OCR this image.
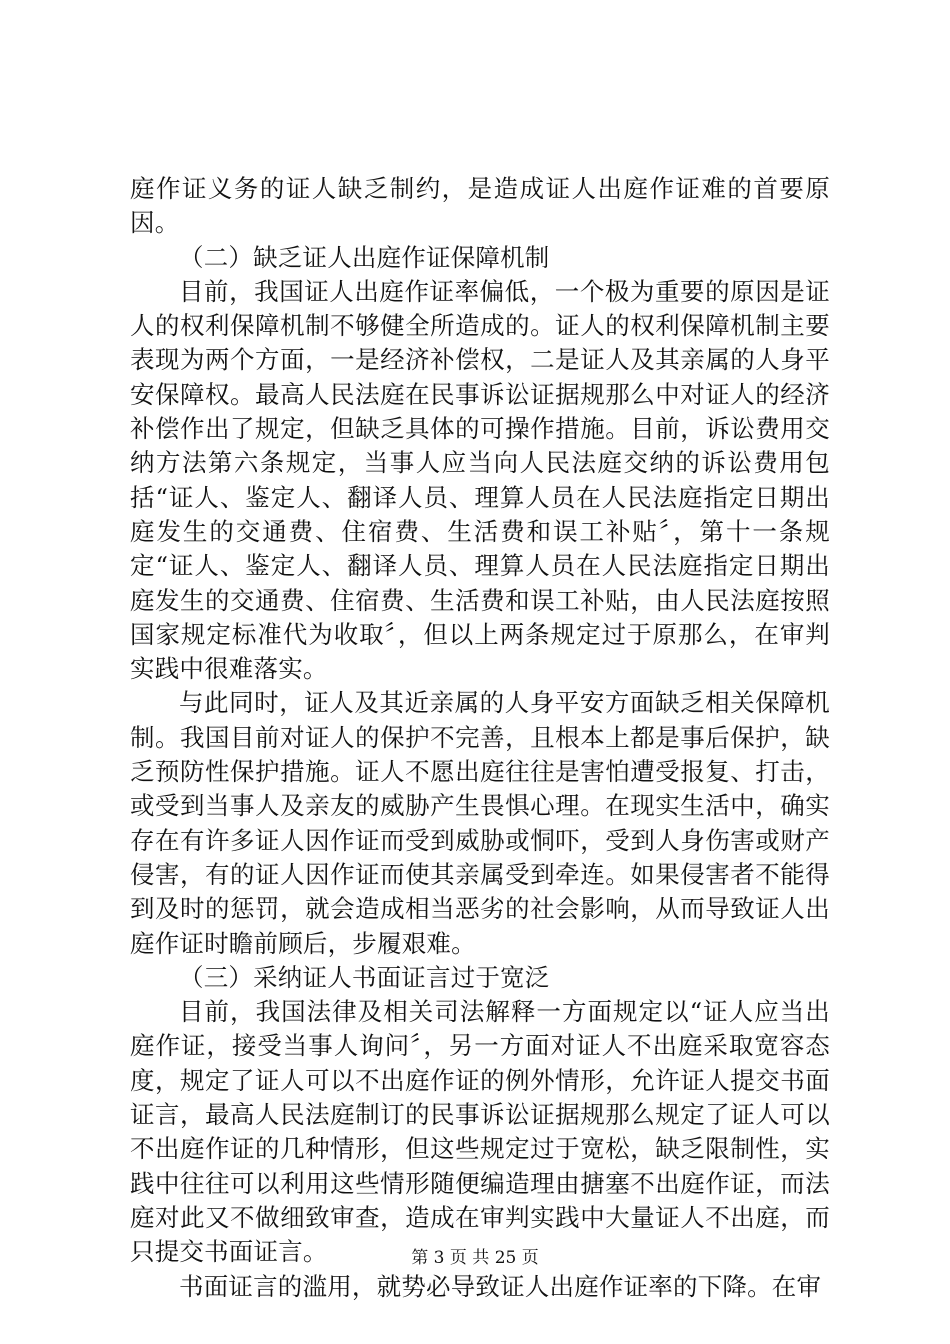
庭作证义务的证人缺乏制约，是造成证人出庭作证难的首要原因。

（二）缺乏证人出庭作证保障机制

目前，我国证人出庭作证率偏低，一个极为重要的原因是证人的权利保障机制不够健全所造成的。证人的权利保障机制主要表现为两个方面，一是经济补偿权，二是证人及其亲属的人身平安保障权。最高人民法庭在民事诉讼证据规那么中对证人的经济补偿作出了规定，但缺乏具体的可操作措施。目前，诉讼费用交纳方法第六条规定，当事人应当向人民法庭交纳的诉讼费用包括“证人、鉴定人、翻译人员、理算人员在人民法庭指定日期出庭发生的交通费、住宿费、生活费和误工补贴〞，第十一条规定“证人、鉴定人、翻译人员、理算人员在人民法庭指定日期出庭发生的交通费、住宿费、生活费和误工补贴，由人民法庭按照国家规定标准代为收取〞，但以上两条规定过于原那么，在审判实践中很难落实。

与此同时，证人及其近亲属的人身平安方面缺乏相关保障机制。我国目前对证人的保护不完善，且根本上都是事后保护，缺乏预防性保护措施。证人不愿出庭往往是害怕遭受报复、打击，或受到当事人及亲友的威胁产生畏惧心理。在现实生活中，确实存在有许多证人因作证而受到威胁或恫吓，受到人身伤害或财产侵害，有的证人因作证而使其亲属受到牵连。如果侵害者不能得到及时的惩罚，就会造成相当恶劣的社会影响，从而导致证人出庭作证时瞻前顾后，步履艰难。

（三）采纳证人书面证言过于宽泛

目前，我国法律及相关司法解释一方面规定以“证人应当出庭作证，接受当事人询问〞，另一方面对证人不出庭采取宽容态度，规定了证人可以不出庭作证的例外情形，允许证人提交书面证言，最高人民法庭制订的民事诉讼证据规那么规定了证人可以不出庭作证的几种情形，但这些规定过于宽松，缺乏限制性，实践中往往可以利用这些情形随便编造理由搪塞不出庭作证，而法庭对此又不做细致审查，造成在审判实践中大量证人不出庭，而只提交书面证言。

书面证言的滥用，就势必导致证人出庭作证率的下降。在审

第 3 页 共 25 页
